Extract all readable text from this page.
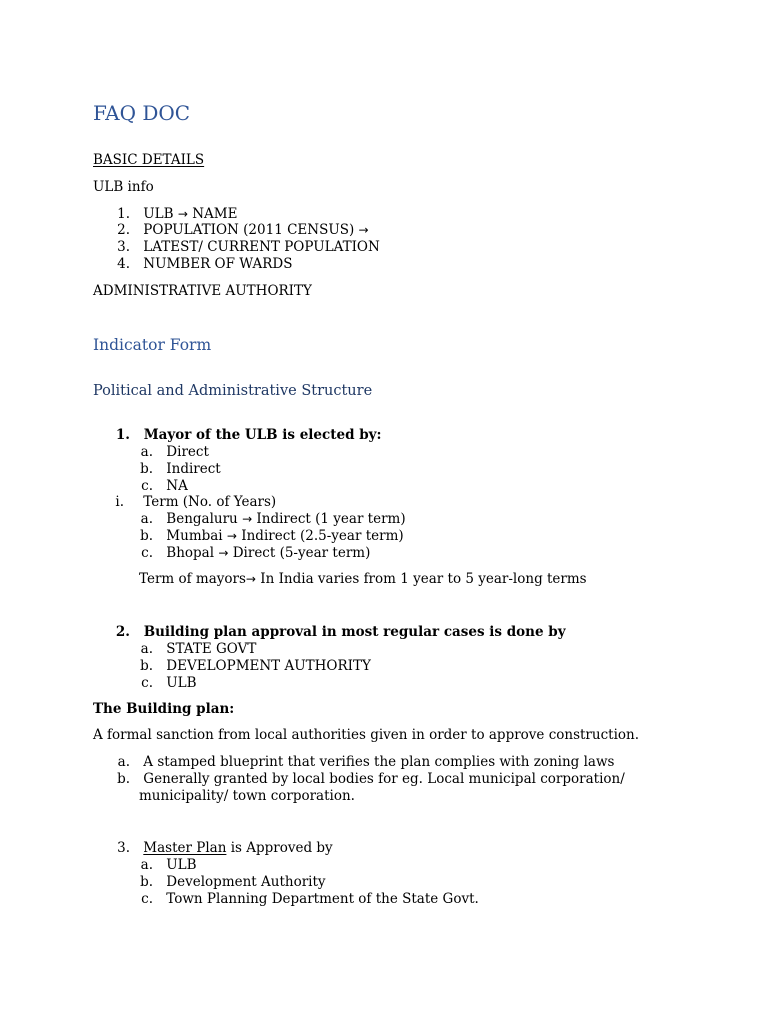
FAQ DOC
BASIC DETAILS
ULB info
1. ULB → NAME
2. POPULATION (2011 CENSUS) →
3. LATEST/ CURRENT POPULATION
4. NUMBER OF WARDS
ADMINISTRATIVE AUTHORITY
Indicator Form
Political and Administrative Structure
1. Mayor of the ULB is elected by:
a. Direct
b. Indirect
c. NA
i. Term (No. of Years)
a. Bengaluru → Indirect (1 year term)
b. Mumbai → Indirect (2.5-year term)
c. Bhopal → Direct (5-year term)
Term of mayors→ In India varies from 1 year to 5 year-long terms
2. Building plan approval in most regular cases is done by
a. STATE GOVT
b. DEVELOPMENT AUTHORITY
c. ULB
The Building plan:
A formal sanction from local authorities given in order to approve construction.
a. A stamped blueprint that verifies the plan complies with zoning laws
b. Generally granted by local bodies for eg. Local municipal corporation/
municipality/ town corporation.
3. Master Plan is Approved by
a. ULB
b. Development Authority
c. Town Planning Department of the State Govt.
